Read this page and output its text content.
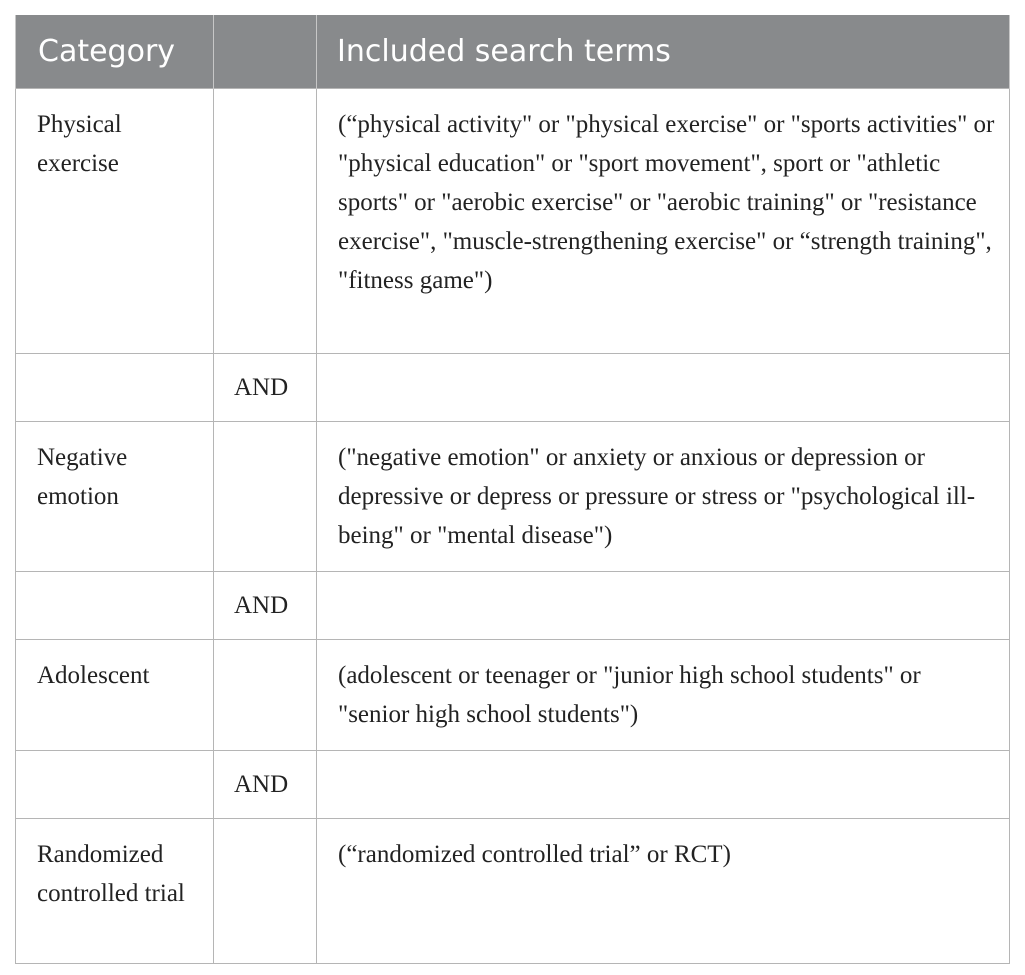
Category		Included search terms
Physical exercise		(“physical activity" or "physical exercise" or "sports activities" or "physical education" or "sport movement", sport or "athletic sports" or "aerobic exercise" or "aerobic training" or "resistance exercise", "muscle-strengthening exercise" or “strength training", "fitness game")
	AND	
Negative emotion		("negative emotion" or anxiety or anxious or depression or depressive or depress or pressure or stress or "psychological ill-being" or "mental disease")
	AND	
Adolescent		(adolescent or teenager or "junior high school students" or "senior high school students")
	AND	
Randomized controlled trial		(“randomized controlled trial” or RCT)
